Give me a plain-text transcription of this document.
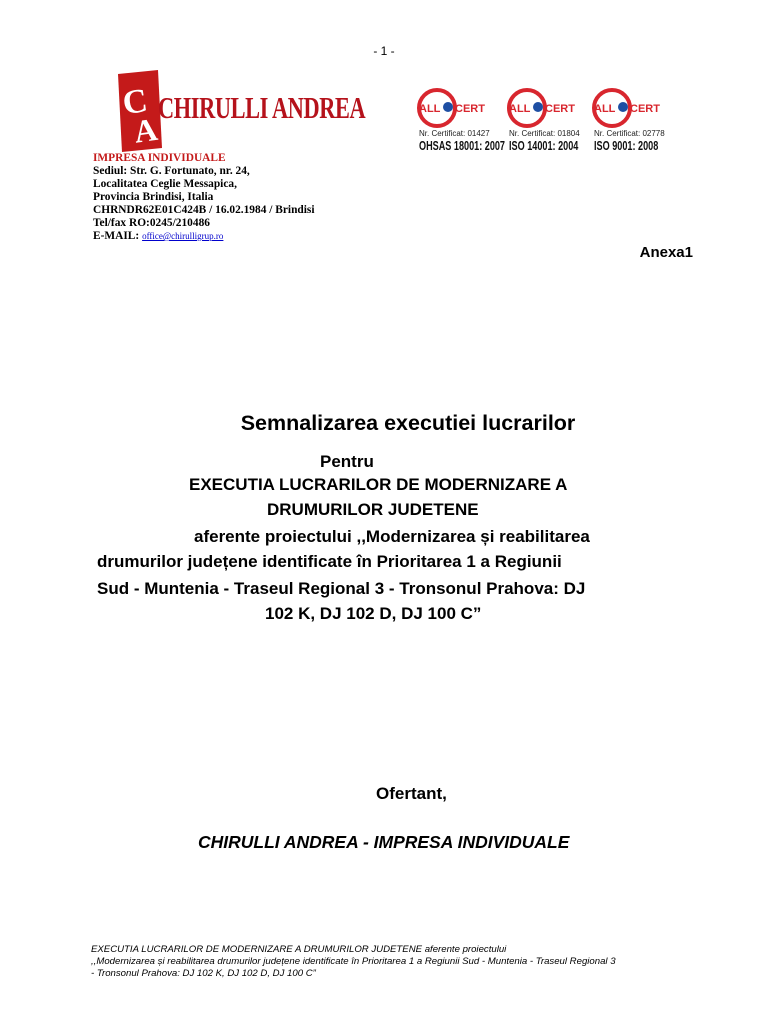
- 1 -
C
A
CHIRULLI ANDREA
IMPRESA INDIVIDUALE
Sediul: Str. G. Fortunato, nr. 24,
Localitatea Ceglie Messapica,
Provincia Brindisi, Italia
CHRNDR62E01C424B / 16.02.1984 / Brindisi
Tel/fax RO:0245/210486
E-MAIL: office@chirulligrup.ro
ALL CERT
Nr. Certificat: 01427
OHSAS 18001: 2007
ALL CERT
Nr. Certificat: 01804
ISO 14001: 2004
ALL CERT
Nr. Certificat: 02778
ISO 9001: 2008
Anexa1
Semnalizarea executiei lucrarilor
Pentru
EXECUTIA LUCRARILOR DE MODERNIZARE A
DRUMURILOR JUDETENE
aferente proiectului ,,Modernizarea și reabilitarea
drumurilor județene identificate în Prioritarea 1 a Regiunii
Sud - Muntenia - Traseul Regional 3 - Tronsonul Prahova: DJ
102 K, DJ 102 D, DJ 100 C”
Ofertant,
CHIRULLI ANDREA - IMPRESA INDIVIDUALE
EXECUTIA LUCRARILOR DE MODERNIZARE A DRUMURILOR JUDETENE aferente proiectului
,,Modernizarea și reabilitarea drumurilor județene identificate în Prioritarea 1 a Regiunii Sud - Muntenia - Traseul Regional 3
- Tronsonul Prahova: DJ 102 K, DJ 102 D, DJ 100 C”
